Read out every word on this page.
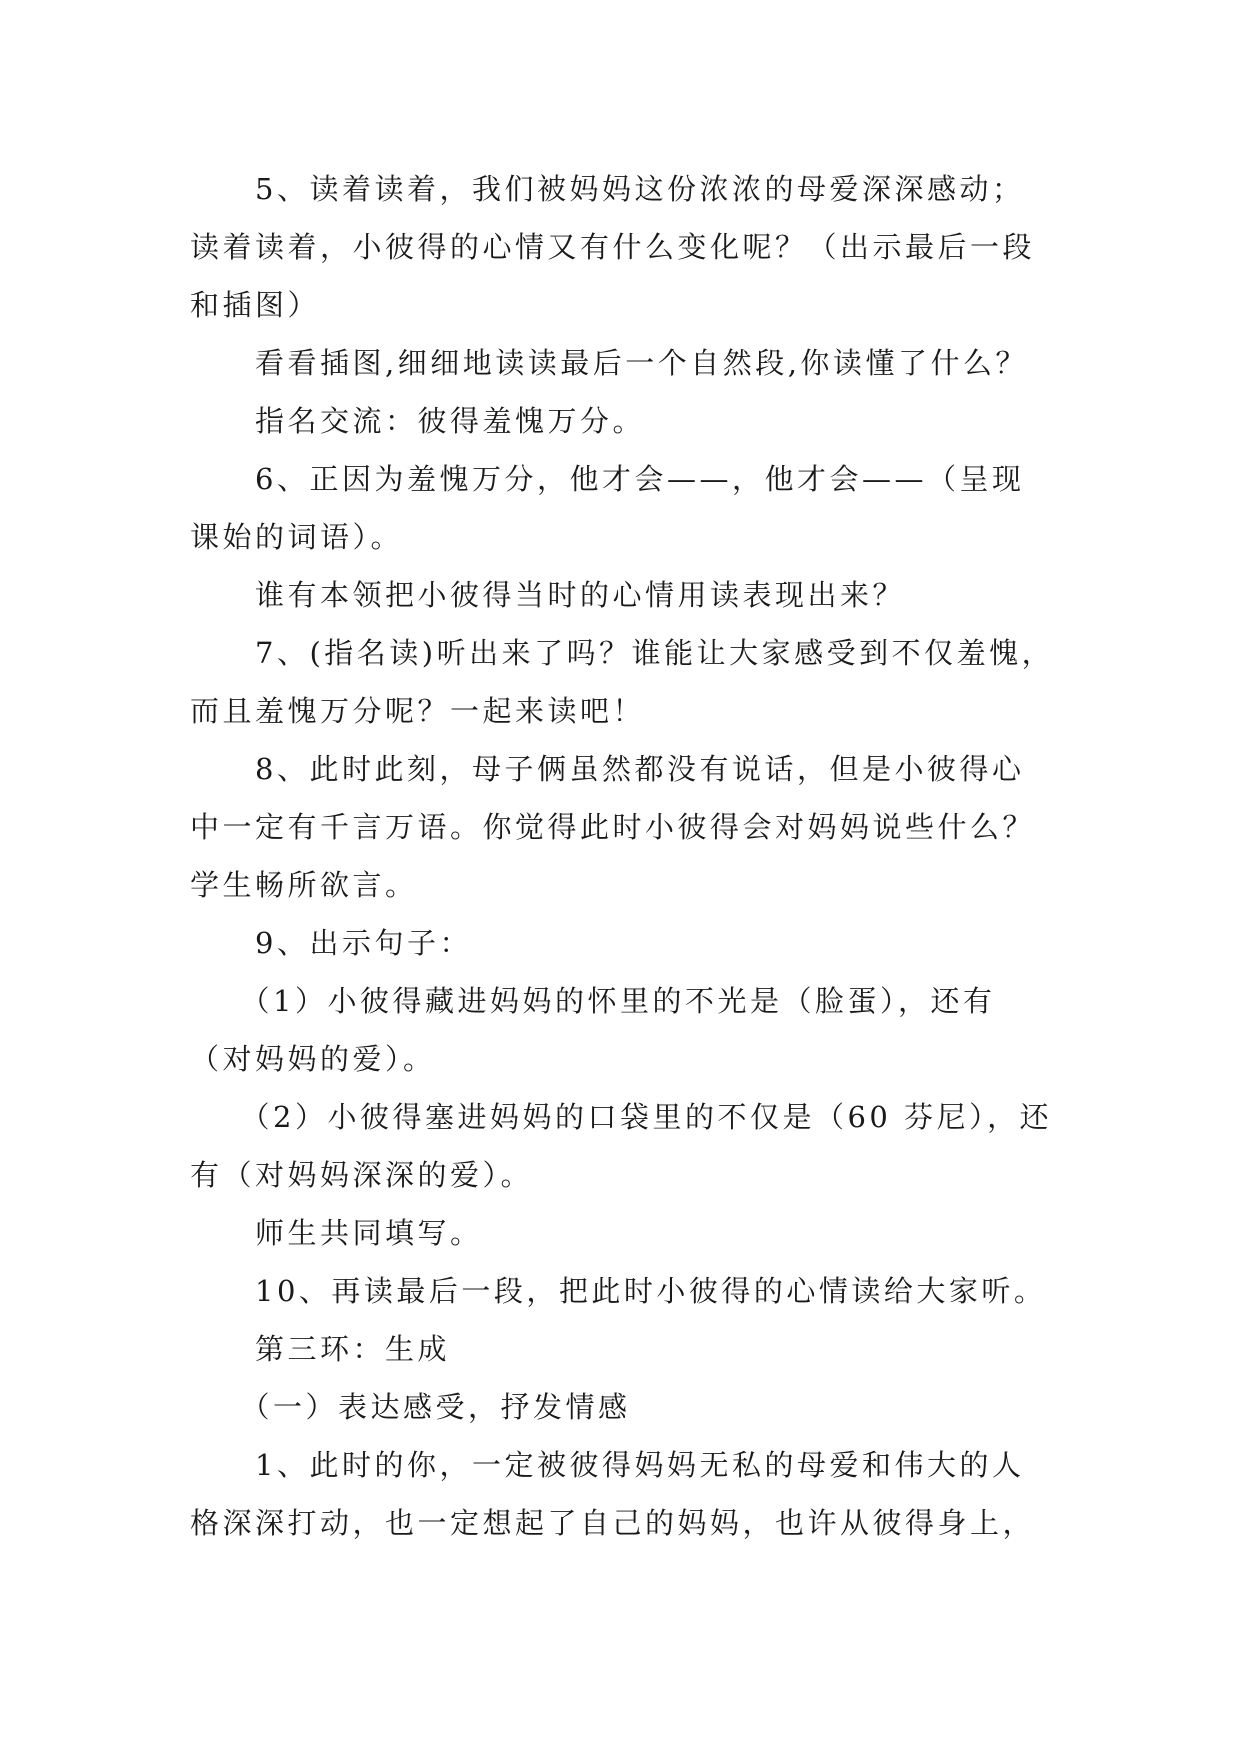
　　5、读着读着，我们被妈妈这份浓浓的母爱深深感动；
读着读着，小彼得的心情又有什么变化呢？（出示最后一段
和插图）
　　看看插图,细细地读读最后一个自然段,你读懂了什么？
　　指名交流：彼得羞愧万分。
　　6、正因为羞愧万分，他才会——，他才会——（呈现
课始的词语）。
　　谁有本领把小彼得当时的心情用读表现出来？
　　7、(指名读)听出来了吗？谁能让大家感受到不仅羞愧，
而且羞愧万分呢？一起来读吧！
　　8、此时此刻，母子俩虽然都没有说话，但是小彼得心
中一定有千言万语。你觉得此时小彼得会对妈妈说些什么？
学生畅所欲言。
　　9、出示句子：
　　（1）小彼得藏进妈妈的怀里的不光是（脸蛋），还有
（对妈妈的爱）。
　　（2）小彼得塞进妈妈的口袋里的不仅是（60 芬尼），还
有（对妈妈深深的爱）。
　　师生共同填写。
　　10、再读最后一段，把此时小彼得的心情读给大家听。
　　第三环：生成
　　（一）表达感受，抒发情感
　　1、此时的你，一定被彼得妈妈无私的母爱和伟大的人
格深深打动，也一定想起了自己的妈妈，也许从彼得身上，
